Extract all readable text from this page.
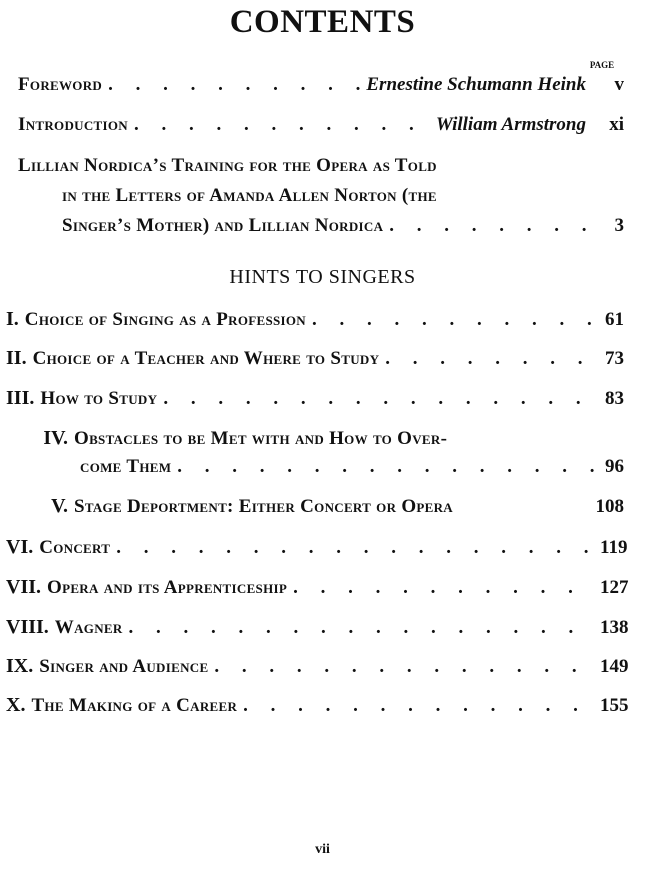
CONTENTS
PAGE
Foreword . . .	Ernestine Schumann Heink	v
Introduction . . .	William Armstrong	xi
Lillian Nordica’s Training for the Opera as Told
in the Letters of Amanda Allen Norton (the
Singer’s Mother) and Lillian Nordica . . .	3
HINTS TO SINGERS
I. Choice of Singing as a Profession . . .	61
II. Choice of a Teacher and Where to Study . . .	73
III. How to Study . . .	83
IV. Obstacles to be Met with and How to Over-
come Them . . .	96
V. Stage Deportment: Either Concert or Opera	108
VI. Concert . . .	119
VII. Opera and its Apprenticeship . . .	127
VIII. Wagner . . .	138
IX. Singer and Audience . . .	149
X. The Making of a Career . . .	155
vii
